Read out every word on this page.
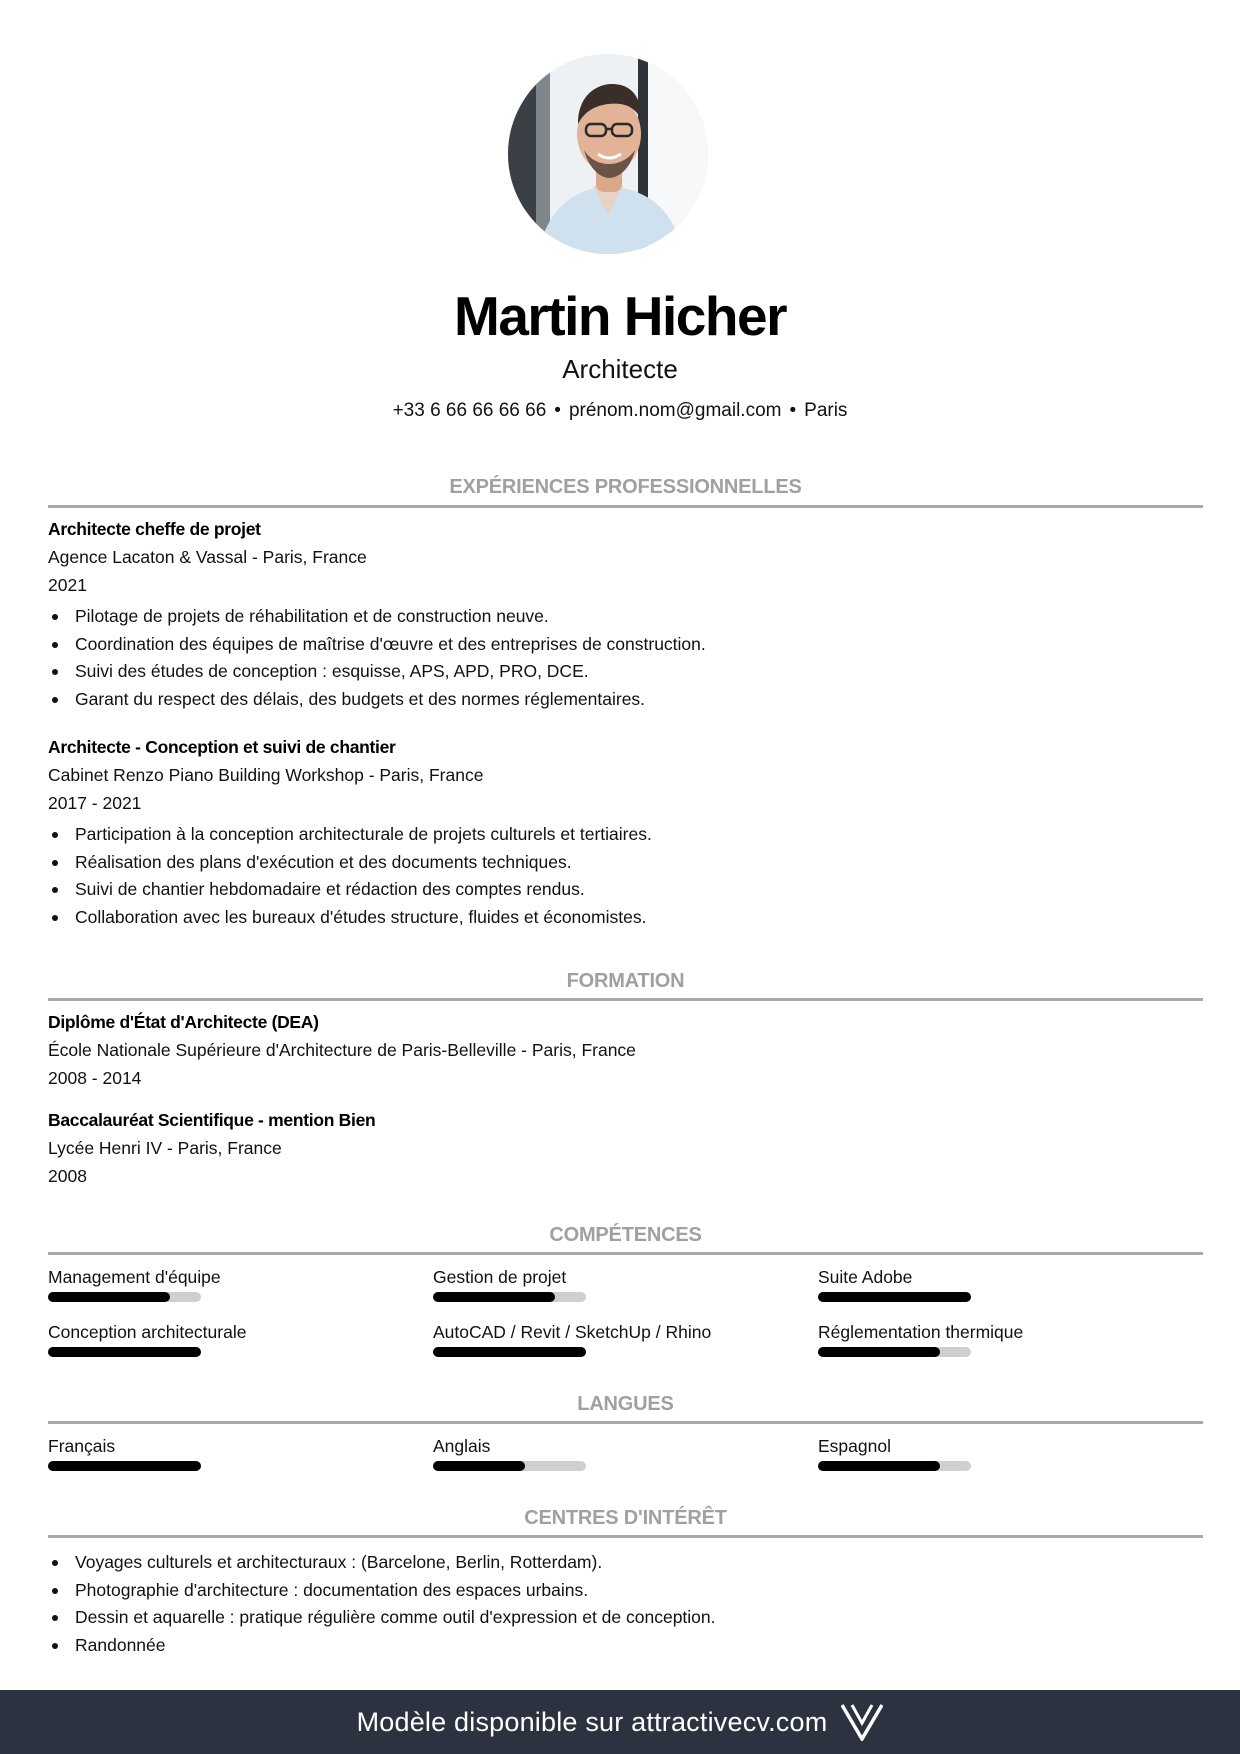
Martin Hicher
Architecte
+33 6 66 66 66 66 • prénom.nom@gmail.com • Paris
EXPÉRIENCES PROFESSIONNELLES
Architecte cheffe de projet
Agence Lacaton & Vassal - Paris, France
2021
Pilotage de projets de réhabilitation et de construction neuve.
Coordination des équipes de maîtrise d'œuvre et des entreprises de construction.
Suivi des études de conception : esquisse, APS, APD, PRO, DCE.
Garant du respect des délais, des budgets et des normes réglementaires.
Architecte - Conception et suivi de chantier
Cabinet Renzo Piano Building Workshop - Paris, France
2017 - 2021
Participation à la conception architecturale de projets culturels et tertiaires.
Réalisation des plans d'exécution et des documents techniques.
Suivi de chantier hebdomadaire et rédaction des comptes rendus.
Collaboration avec les bureaux d'études structure, fluides et économistes.
FORMATION
Diplôme d'État d'Architecte (DEA)
École Nationale Supérieure d'Architecture de Paris-Belleville - Paris, France
2008 - 2014
Baccalauréat Scientifique - mention Bien
Lycée Henri IV - Paris, France
2008
COMPÉTENCES
Management d'équipe	Gestion de projet	Suite Adobe
Conception architecturale	AutoCAD / Revit / SketchUp / Rhino	Réglementation thermique
LANGUES
Français	Anglais	Espagnol
CENTRES D'INTÉRÊT
Voyages culturels et architecturaux : (Barcelone, Berlin, Rotterdam).
Photographie d'architecture : documentation des espaces urbains.
Dessin et aquarelle : pratique régulière comme outil d'expression et de conception.
Randonnée
Modèle disponible sur attractivecv.com
